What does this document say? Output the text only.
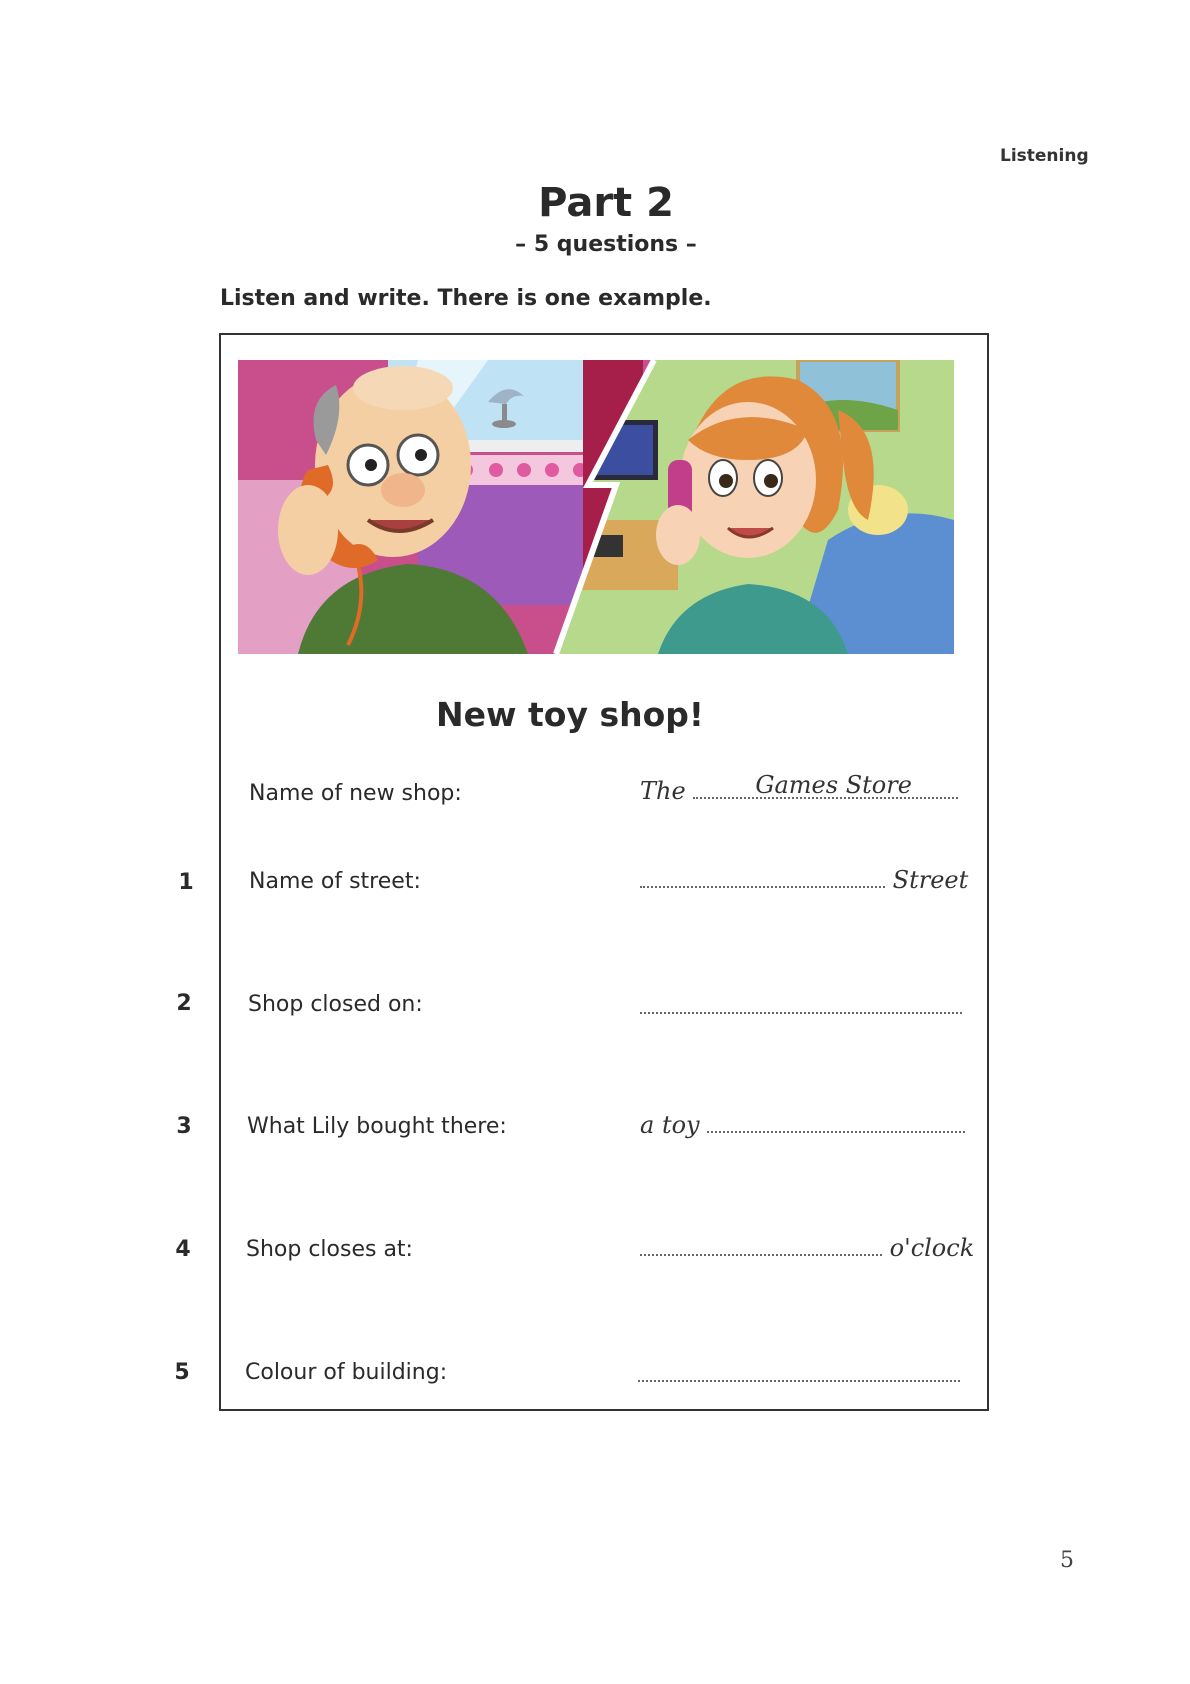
Listening
Part 2
– 5 questions –
Listen and write. There is one example.
New toy shop!
Name of new shop:	The	Games Store
1	Name of street:	Street
2	Shop closed on:
3	What Lily bought there:	a toy
4	Shop closes at:	o'clock
5	Colour of building:
5
